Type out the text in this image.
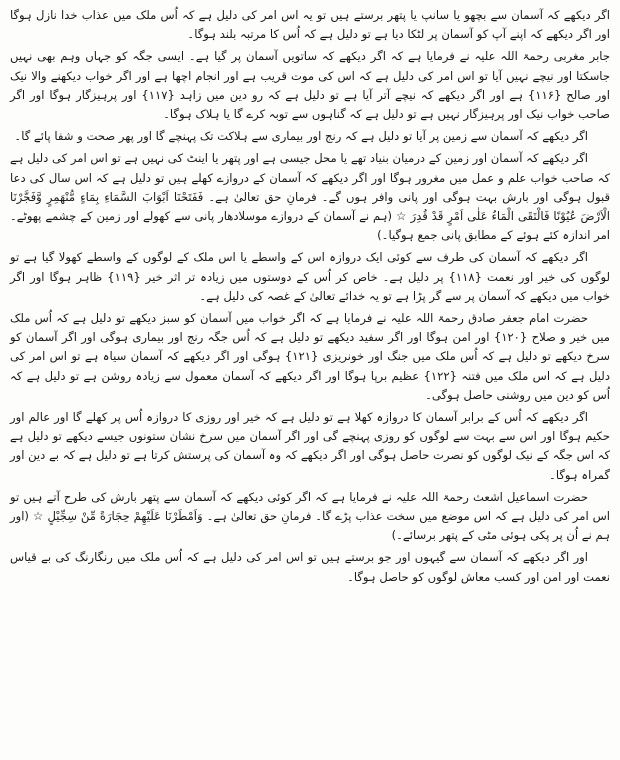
اگر دیکھے کہ آسمان سے بچھو یا سانپ یا پتھر برستے ہیں تو یہ اس امر کی دلیل ہے کہ اُس ملک میں عذاب خدا نازل ہوگا اور اگر دیکھے کہ اپنے آپ کو آسمان پر لٹکا دیا ہے تو دلیل ہے کہ اُس کا مرتبہ بلند ہوگا۔

جابر مغربی رحمۃ اللہ علیہ نے فرمایا ہے کہ اگر دیکھے کہ ساتویں آسمان پر گیا ہے۔ ایسی جگہ کو جہاں وہم بھی نہیں جاسکتا اور نیچے نہیں آیا تو اس امر کی دلیل ہے کہ اس کی موت قریب ہے اور انجام اچھا ہے اور اگر خواب دیکھنے والا نیک اور صالح {۱۱۶} ہے اور اگر دیکھے کہ نیچے آتر آیا ہے تو دلیل ہے کہ رو دین میں زاہد {۱۱۷} اور پرہیزگار ہوگا اور اگر صاحب خواب نیک اور پرہیزگار نہیں ہے تو دلیل ہے کہ گناہوں سے توبہ کرے گا یا ہلاک ہوگا۔

اگر دیکھے کہ آسمان سے زمین پر آیا تو دلیل ہے کہ رنج اور بیماری سے ہلاکت تک پہنچے گا اور پھر صحت و شفا پائے گا۔

اگر دیکھے کہ آسمان اور زمین کے درمیان بنیاد تھے یا محل جیسی ہے اور پتھر یا اینٹ کی نہیں ہے تو اس امر کی دلیل ہے کہ صاحب خواب علم و عمل میں مغرور ہوگا اور اگر دیکھے کہ آسمان کے دروازے کھلے ہیں تو دلیل ہے کہ اس سال کی دعا قبول ہوگی اور بارش بہت ہوگی اور پانی وافر ہوں گے۔ فرمانِ حق تعالیٰ ہے۔ فَفَتَحْنَا اَبْوَابَ السَّمَاءِ بِمَاءٍ مُّنْهَمِرٍ وَّفَجَّرْنَا الْاَرْضَ عُيُوْنًا فَالْتَقَى الْمَاءُ عَلٰى اَمْرٍ قَدْ قُدِرَ ☆ (ہم نے آسمان کے دروازے موسلادھار پانی سے کھولے اور زمین کے چشمے پھوٹے۔ امر اندازہ کئے ہوئے کے مطابق پانی جمع ہوگیا۔)

اگر دیکھے کہ آسمان کی طرف سے کوئی ایک دروازہ اس کے واسطے یا اس ملک کے لوگوں کے واسطے کھولا گیا ہے تو لوگوں کی خیر اور نعمت {۱۱۸} پر دلیل ہے۔ خاص کر اُس کے دوستوں میں زیادہ تر اثر خیر {۱۱۹} ظاہر ہوگا اور اگر خواب میں دیکھے کہ آسمان پر سے گر پڑا ہے تو یہ خدائے تعالیٰ کے غصہ کی دلیل ہے۔

حضرت امام جعفر صادق رحمۃ اللہ علیہ نے فرمایا ہے کہ اگر خواب میں آسمان کو سبز دیکھے تو دلیل ہے کہ اُس ملک میں خیر و صلاح {۱۲۰} اور امن ہوگا اور اگر سفید دیکھے تو دلیل ہے کہ اُس جگہ رنج اور بیماری ہوگی اور اگر آسمان کو سرخ دیکھے تو دلیل ہے کہ اُس ملک میں جنگ اور خونریزی {۱۲۱} ہوگی اور اگر دیکھے کہ آسمان سیاہ ہے تو اس امر کی دلیل ہے کہ اس ملک میں فتنہ {۱۲۲} عظیم برپا ہوگا اور اگر دیکھے کہ آسمان معمول سے زیادہ روشن ہے تو دلیل ہے کہ اُس کو دین میں روشنی حاصل ہوگی۔

اگر دیکھے کہ اُس کے برابر آسمان کا دروازہ کھلا ہے تو دلیل ہے کہ خیر اور روزی کا دروازہ اُس پر کھلے گا اور عالم اور حکیم ہوگا اور اس سے بہت سے لوگوں کو روزی پہنچے گی اور اگر آسمان میں سرخ نشان ستونوں جیسے دیکھے تو دلیل ہے کہ اس جگہ کے نیک لوگوں کو نصرت حاصل ہوگی اور اگر دیکھے کہ وہ آسمان کی پرستش کرتا ہے تو دلیل ہے کہ بے دین اور گمراہ ہوگا۔

حضرت اسماعیل اشعث رحمۃ اللہ علیہ نے فرمایا ہے کہ اگر کوئی دیکھے کہ آسمان سے پتھر بارش کی طرح آتے ہیں تو اس امر کی دلیل ہے کہ اس موضع میں سخت عذاب پڑے گا۔ فرمانِ حق تعالیٰ ہے۔ وَاَمْطَرْنَا عَلَيْهِمْ حِجَارَةً مِّنْ سِجِّيْلٍ ☆ (اور ہم نے اُن پر پکی ہوئی مٹی کے پتھر برسائے۔)

اور اگر دیکھے کہ آسمان سے گیہوں اور جو برستے ہیں تو اس امر کی دلیل ہے کہ اُس ملک میں رنگارنگ کی بے قیاس نعمت اور امن اور کسب معاش لوگوں کو حاصل ہوگا۔
